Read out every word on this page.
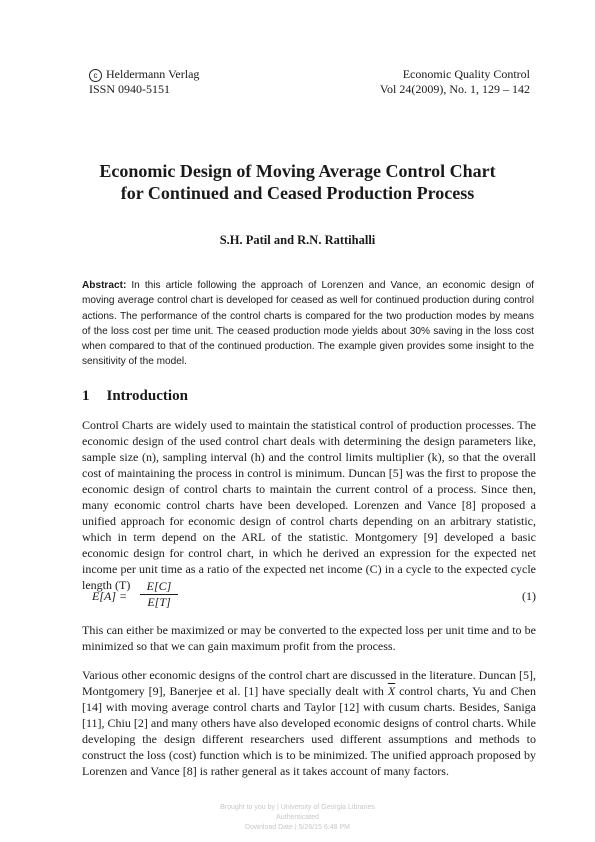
c Heldermann Verlag
ISSN 0940-5151
Economic Quality Control
Vol 24(2009), No. 1, 129 – 142
Economic Design of Moving Average Control Chart
for Continued and Ceased Production Process

S.H. Patil and R.N. Rattihalli

Abstract: In this article following the approach of Lorenzen and Vance, an economic design of moving average control chart is developed for ceased as well for continued production during control actions. The performance of the control charts is compared for the two production modes by means of the loss cost per time unit. The ceased production mode yields about 30% saving in the loss cost when compared to that of the continued production. The example given provides some insight to the sensitivity of the model.

1 Introduction

Control Charts are widely used to maintain the statistical control of production processes. The economic design of the used control chart deals with determining the design parameters like, sample size (n), sampling interval (h) and the control limits multiplier (k), so that the overall cost of maintaining the process in control is minimum. Duncan [5] was the first to propose the economic design of control charts to maintain the current control of a process. Since then, many economic control charts have been developed. Lorenzen and Vance [8] proposed a unified approach for economic design of control charts depending on an arbitrary statistic, which in term depend on the ARL of the statistic. Montgomery [9] developed a basic economic design for control chart, in which he derived an expression for the expected net income per unit time as a ratio of the expected net income (C) in a cycle to the expected cycle length (T)

E[A] =
E[C]
E[T]	(1)

This can either be maximized or may be converted to the expected loss per unit time and to be minimized so that we can gain maximum profit from the process.

Various other economic designs of the control chart are discussed in the literature. Duncan [5], Montgomery [9], Banerjee et al. [1] have specially dealt with $\overline{X}$ control charts, Yu and Chen [14] with moving average control charts and Taylor [12] with cusum charts. Besides, Saniga [11], Chiu [2] and many others have also developed economic designs of control charts. While developing the design different researchers used different assumptions and methods to construct the loss (cost) function which is to be minimized. The unified approach proposed by Lorenzen and Vance [8] is rather general as it takes account of many factors.

Brought to you by | University of Georgia Libraries
Authenticated
Download Date | 5/26/15 6:48 PM
